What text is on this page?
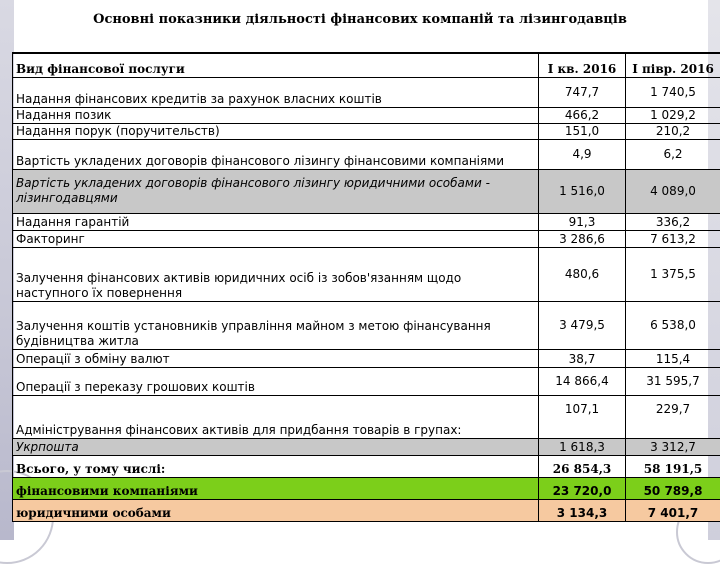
Основні показники діяльності фінансових компаній та лізингодавців
Вид фінансової послуги	І кв. 2016	І півр. 2016
Надання фінансових кредитів за рахунок власних коштів	747,7	1 740,5
Надання позик	466,2	1 029,2
Надання порук (поручительств)	151,0	210,2
Вартість укладених договорів фінансового лізингу фінансовими компаніями	4,9	6,2
Вартість укладених договорів фінансового лізингу юридичними особами - лізингодавцями	1 516,0	4 089,0
Надання гарантій	91,3	336,2
Факторинг	3 286,6	7 613,2
Залучення фінансових активів юридичних осіб із зобов'язанням щодо наступного їх повернення	480,6	1 375,5
Залучення коштів установників управління майном з метою фінансування будівництва житла	3 479,5	6 538,0
Операції з обміну валют	38,7	115,4
Операції з переказу грошових коштів	14 866,4	31 595,7
Адміністрування фінансових активів для придбання товарів в групах:	107,1	229,7
Укрпошта	1 618,3	3 312,7
Всього, у тому числі:	26 854,3	58 191,5
фінансовими компаніями	23 720,0	50 789,8
юридичними особами	3 134,3	7 401,7
